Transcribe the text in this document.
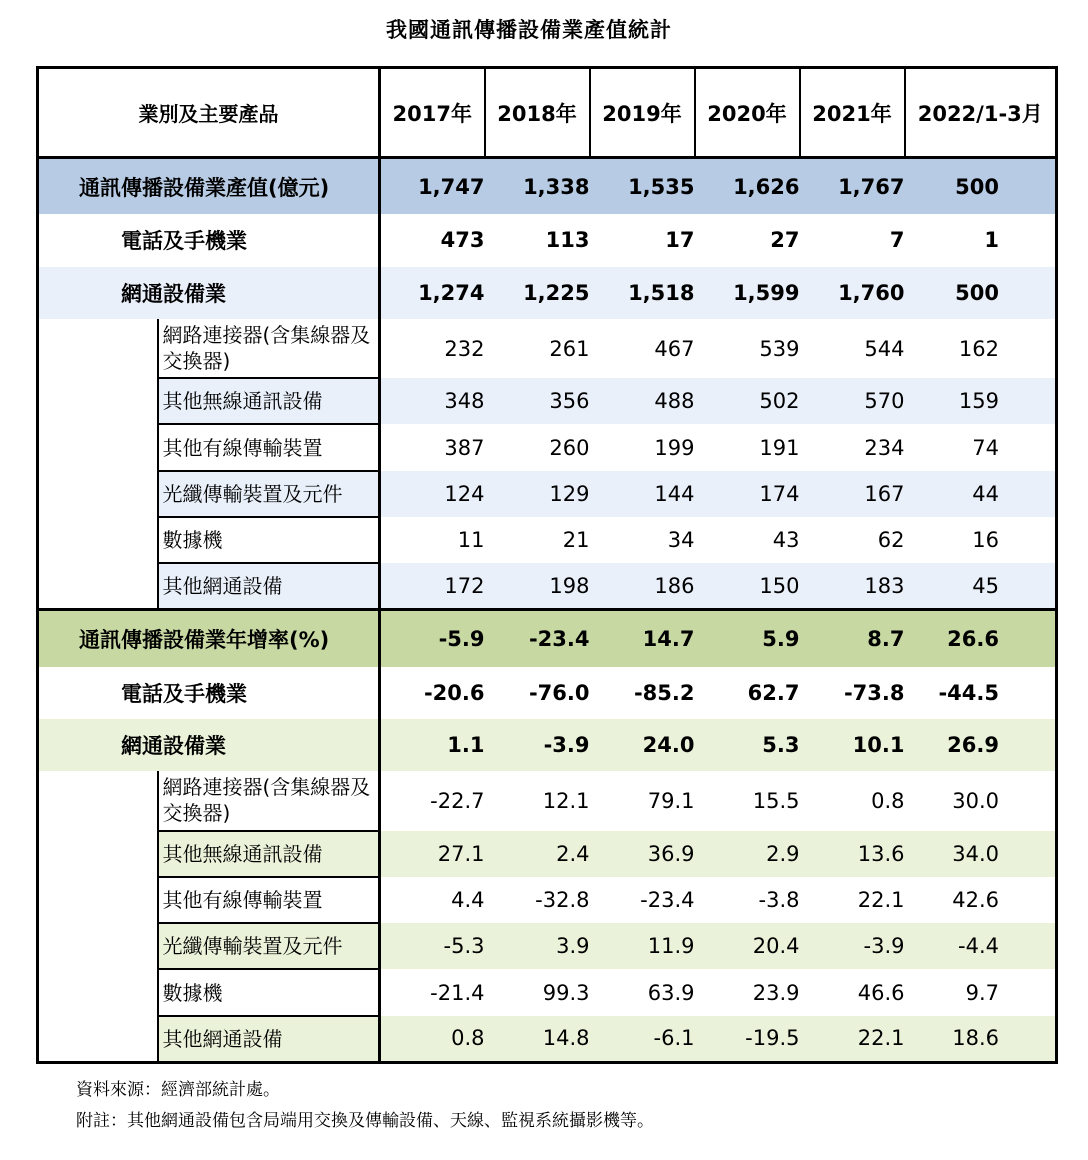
我國通訊傳播設備業產值統計
業別及主要產品		2017年	2018年	2019年	2020年	2021年	2022/1-3月
通訊傳播設備業產值(億元)		1,747	1,338	1,535	1,626	1,767	500
電話及手機業		473	113	17	27	7	1
網通設備業		1,274	1,225	1,518	1,599	1,760	500
	網路連接器(含集線器及交換器)	232	261	467	539	544	162
	其他無線通訊設備	348	356	488	502	570	159
	其他有線傳輸裝置	387	260	199	191	234	74
	光纖傳輸裝置及元件	124	129	144	174	167	44
	數據機	11	21	34	43	62	16
	其他網通設備	172	198	186	150	183	45
通訊傳播設備業年增率(%)		-5.9	-23.4	14.7	5.9	8.7	26.6
電話及手機業		-20.6	-76.0	-85.2	62.7	-73.8	-44.5
網通設備業		1.1	-3.9	24.0	5.3	10.1	26.9
	網路連接器(含集線器及交換器)	-22.7	12.1	79.1	15.5	0.8	30.0
	其他無線通訊設備	27.1	2.4	36.9	2.9	13.6	34.0
	其他有線傳輸裝置	4.4	-32.8	-23.4	-3.8	22.1	42.6
	光纖傳輸裝置及元件	-5.3	3.9	11.9	20.4	-3.9	-4.4
	數據機	-21.4	99.3	63.9	23.9	46.6	9.7
	其他網通設備	0.8	14.8	-6.1	-19.5	22.1	18.6
資料來源：經濟部統計處。
附註：其他網通設備包含局端用交換及傳輸設備、天線、監視系統攝影機等。
